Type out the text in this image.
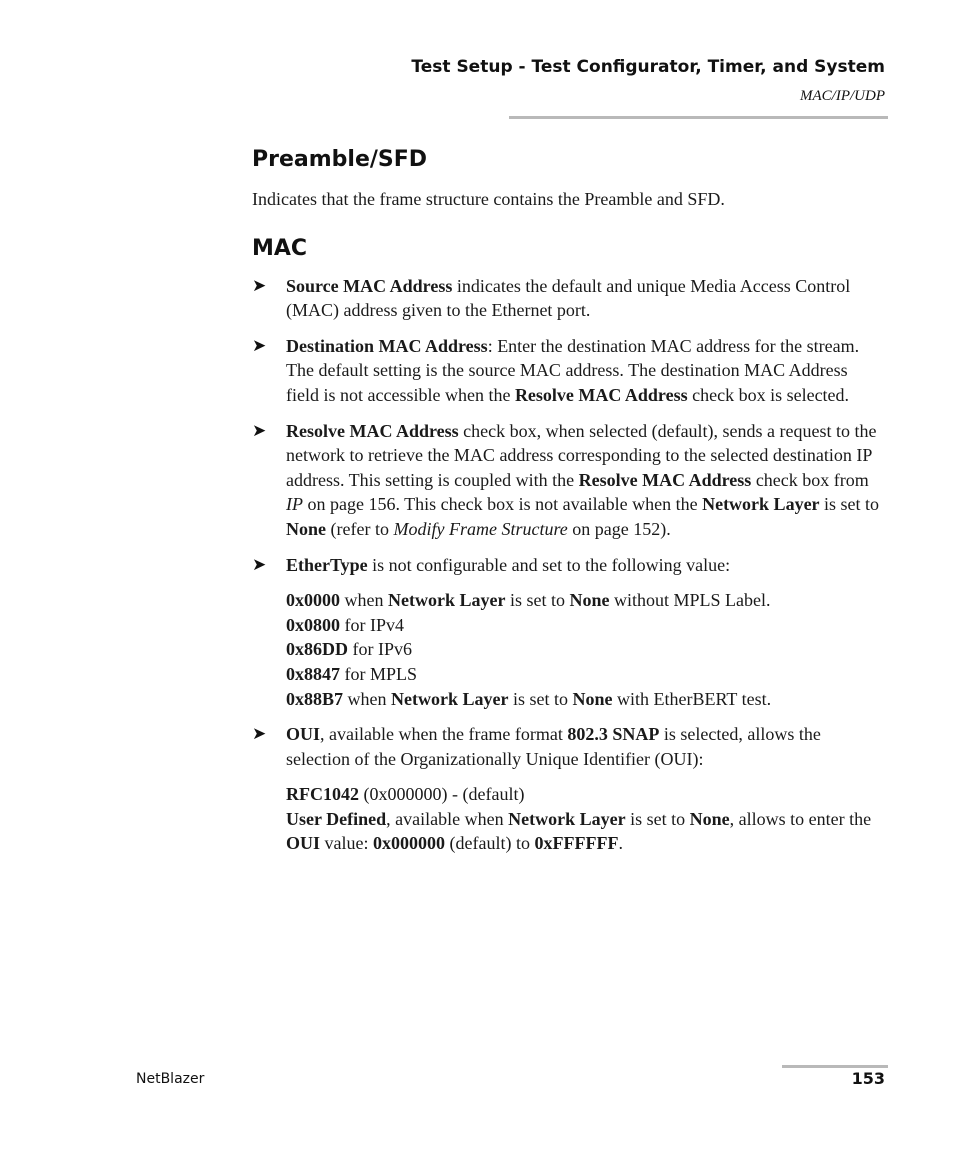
Test Setup - Test Configurator, Timer, and System
MAC/IP/UDP
Preamble/SFD

Indicates that the frame structure contains the Preamble and SFD.

MAC
➤ Source MAC Address indicates the default and unique Media Access Control (MAC) address given to the Ethernet port.
➤ Destination MAC Address: Enter the destination MAC address for the stream. The default setting is the source MAC address. The destination MAC Address field is not accessible when the Resolve MAC Address check box is selected.
➤ Resolve MAC Address check box, when selected (default), sends a request to the network to retrieve the MAC address corresponding to the selected destination IP address. This setting is coupled with the Resolve MAC Address check box from IP on page 156. This check box is not available when the Network Layer is set to None (refer to Modify Frame Structure on page 152).
➤ EtherType is not configurable and set to the following value:
0x0000 when Network Layer is set to None without MPLS Label.
0x0800 for IPv4
0x86DD for IPv6
0x8847 for MPLS
0x88B7 when Network Layer is set to None with EtherBERT test.
➤ OUI, available when the frame format 802.3 SNAP is selected, allows the selection of the Organizationally Unique Identifier (OUI):
RFC1042 (0x000000) - (default)
User Defined, available when Network Layer is set to None, allows to enter the OUI value: 0x000000 (default) to 0xFFFFFF.
NetBlazer	153
